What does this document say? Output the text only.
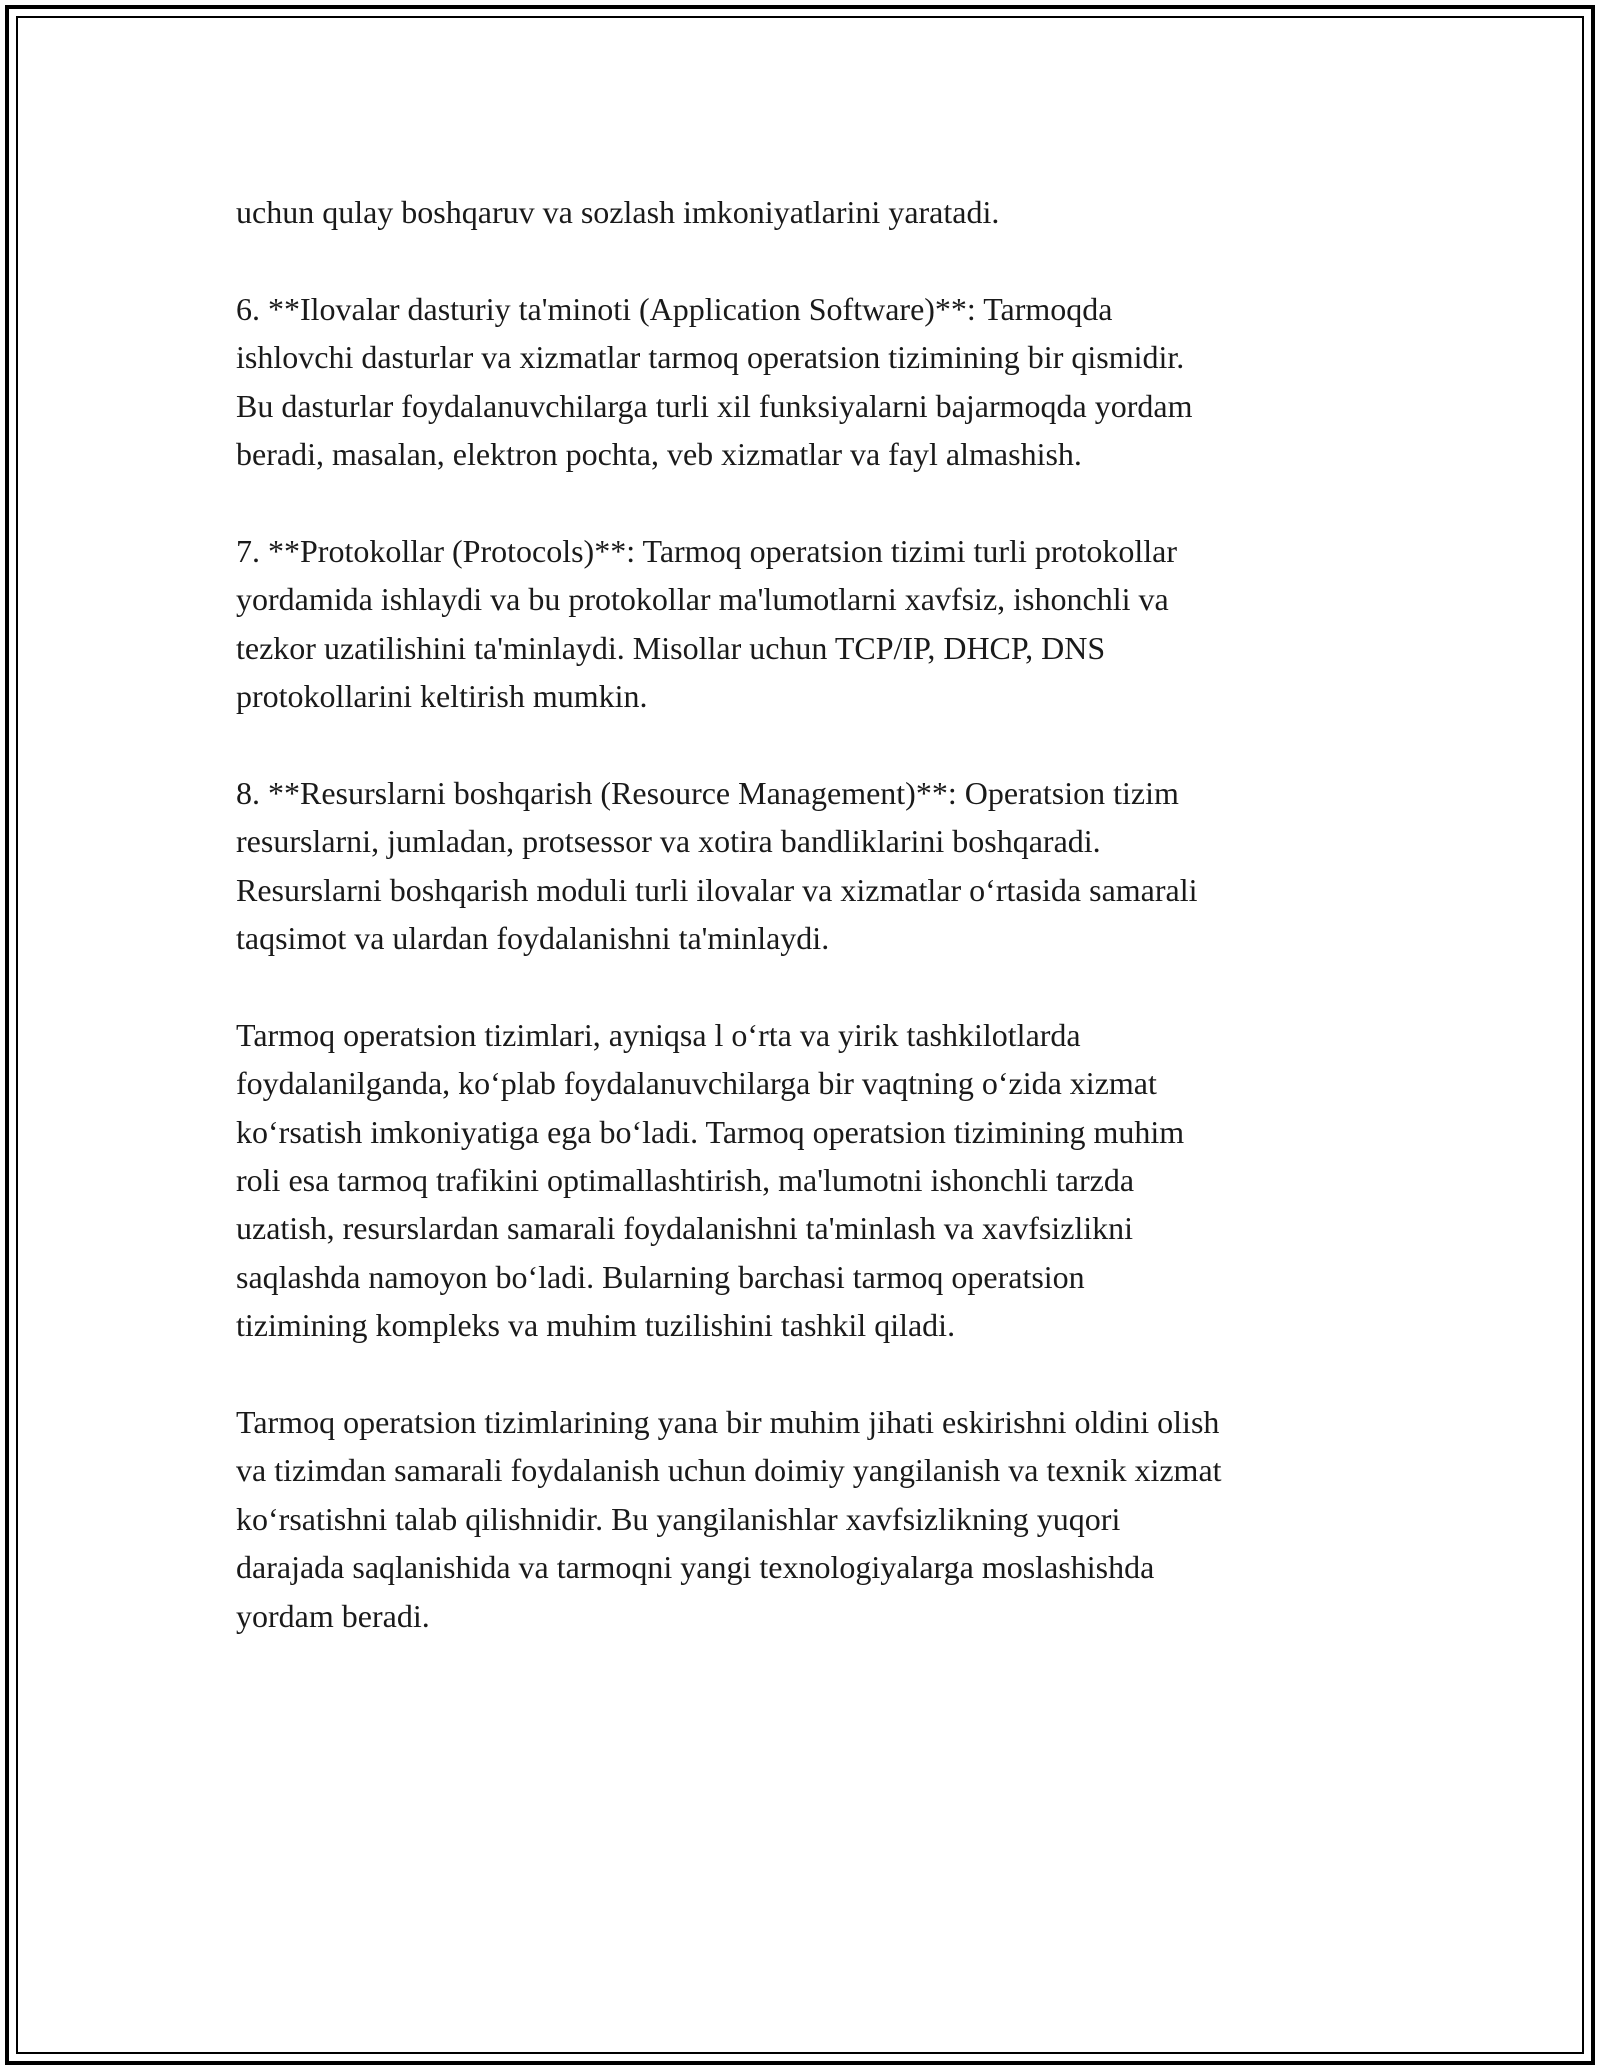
uchun qulay boshqaruv va sozlash imkoniyatlarini yaratadi.

6. **Ilovalar dasturiy ta'minoti (Application Software)**: Tarmoqda
ishlovchi dasturlar va xizmatlar tarmoq operatsion tizimining bir qismidir.
Bu dasturlar foydalanuvchilarga turli xil funksiyalarni bajarmoqda yordam
beradi, masalan, elektron pochta, veb xizmatlar va fayl almashish.

7. **Protokollar (Protocols)**: Tarmoq operatsion tizimi turli protokollar
yordamida ishlaydi va bu protokollar ma'lumotlarni xavfsiz, ishonchli va
tezkor uzatilishini ta'minlaydi. Misollar uchun TCP/IP, DHCP, DNS
protokollarini keltirish mumkin.

8. **Resurslarni boshqarish (Resource Management)**: Operatsion tizim
resurslarni, jumladan, protsessor va xotira bandliklarini boshqaradi.
Resurslarni boshqarish moduli turli ilovalar va xizmatlar o‘rtasida samarali
taqsimot va ulardan foydalanishni ta'minlaydi.

Tarmoq operatsion tizimlari, ayniqsa l o‘rta va yirik tashkilotlarda
foydalanilganda, ko‘plab foydalanuvchilarga bir vaqtning o‘zida xizmat
ko‘rsatish imkoniyatiga ega bo‘ladi. Tarmoq operatsion tizimining muhim
roli esa tarmoq trafikini optimallashtirish, ma'lumotni ishonchli tarzda
uzatish, resurslardan samarali foydalanishni ta'minlash va xavfsizlikni
saqlashda namoyon bo‘ladi. Bularning barchasi tarmoq operatsion
tizimining kompleks va muhim tuzilishini tashkil qiladi.

Tarmoq operatsion tizimlarining yana bir muhim jihati eskirishni oldini olish
va tizimdan samarali foydalanish uchun doimiy yangilanish va texnik xizmat
ko‘rsatishni talab qilishnidir. Bu yangilanishlar xavfsizlikning yuqori
darajada saqlanishida va tarmoqni yangi texnologiyalarga moslashishda
yordam beradi.
